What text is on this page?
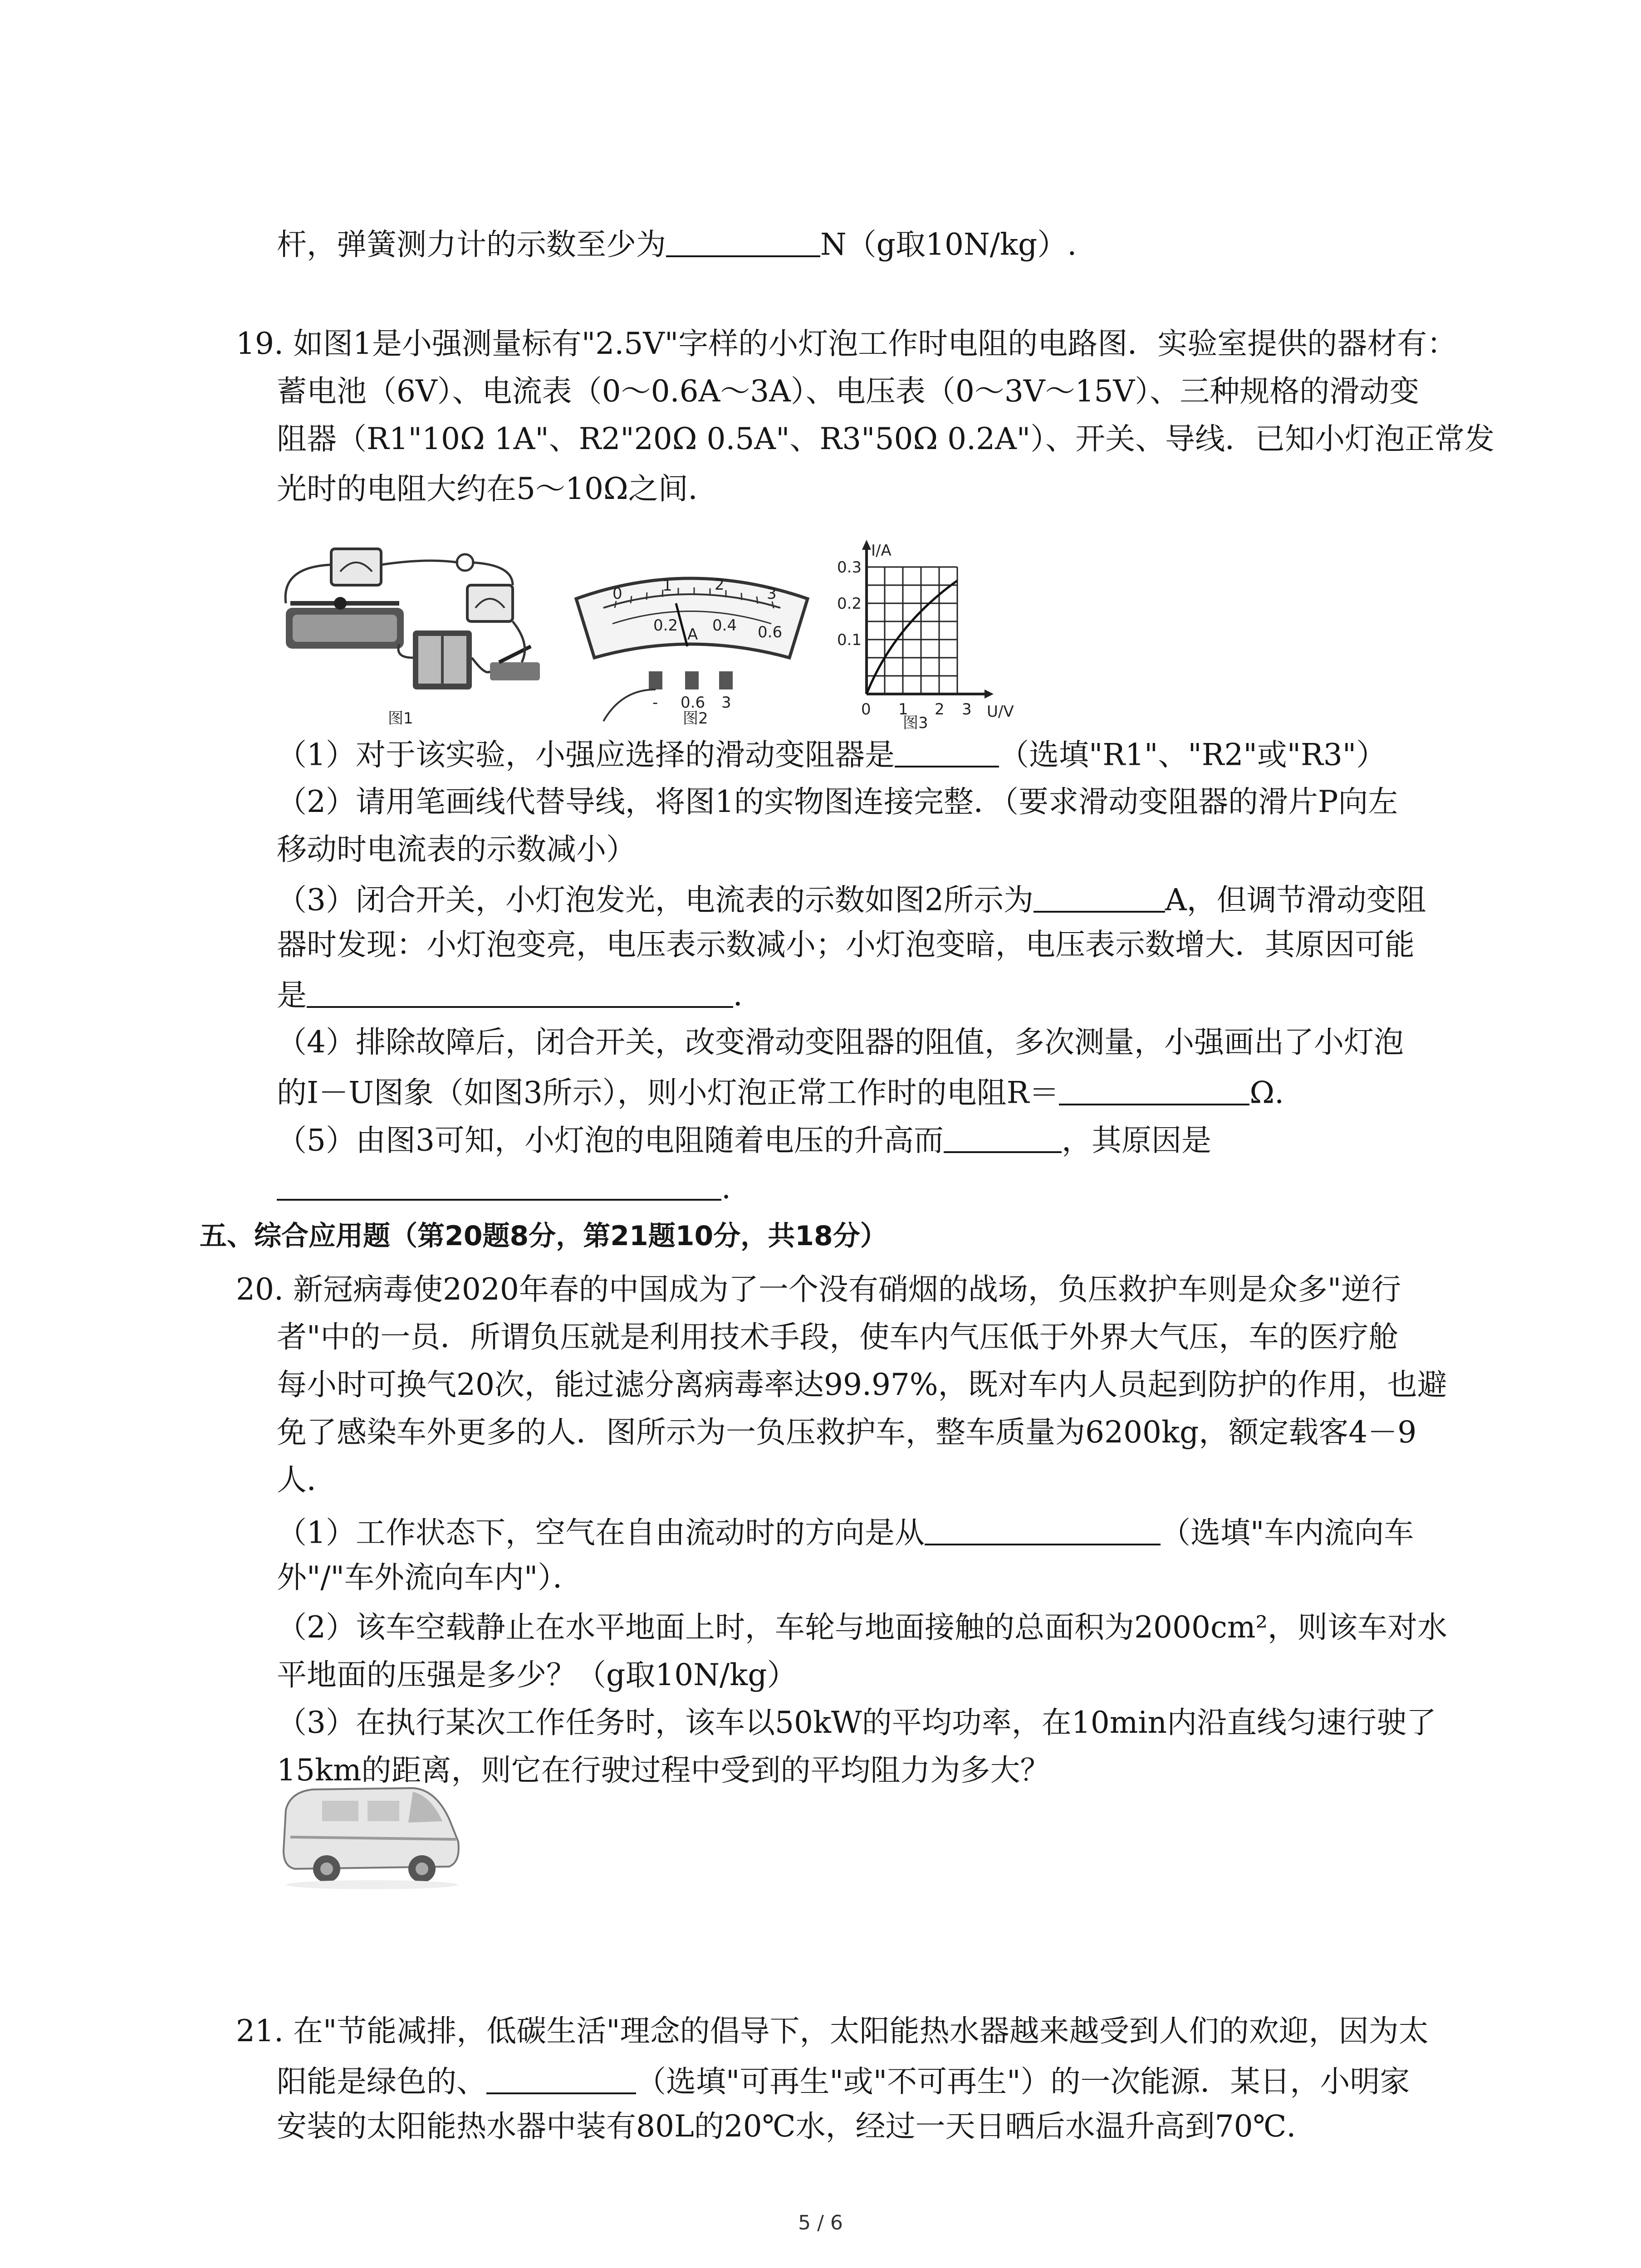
杆，弹簧测力计的示数至少为	N（g取10N/kg）.

19. 如图1是小强测量标有"2.5V"字样的小灯泡工作时电阻的电路图．实验室提供的器材有：

蓄电池（6V）、电流表（0～0.6A～3A）、电压表（0～3V～15V）、三种规格的滑动变

阻器（R1"10Ω 1A"、R2"20Ω 0.5A"、R3"50Ω 0.2A"）、开关、导线．已知小灯泡正常发

光时的电阻大约在5～10Ω之间．

图1
0	1	2	3
0.2 0.4 0.6
A
- 0.6 3
图2
I/A
U/V
0.3
0.2
0.1
0 1 2 3
图3

（1）对于该实验，小强应选择的滑动变阻器是	（选填"R1"、"R2"或"R3"）

（2）请用笔画线代替导线，将图1的实物图连接完整．（要求滑动变阻器的滑片P向左

移动时电流表的示数减小）

（3）闭合开关，小灯泡发光，电流表的示数如图2所示为	A，但调节滑动变阻

器时发现：小灯泡变亮，电压表示数减小；小灯泡变暗，电压表示数增大．其原因可能

是	．

（4）排除故障后，闭合开关，改变滑动变阻器的阻值，多次测量，小强画出了小灯泡

的I－U图象（如图3所示），则小灯泡正常工作时的电阻R＝	Ω.

（5）由图3可知，小灯泡的电阻随着电压的升高而	，其原因是

.

五、综合应用题（第20题8分，第21题10分，共18分）

20. 新冠病毒使2020年春的中国成为了一个没有硝烟的战场，负压救护车则是众多"逆行

者"中的一员．所谓负压就是利用技术手段，使车内气压低于外界大气压，车的医疗舱

每小时可换气20次，能过滤分离病毒率达99.97%，既对车内人员起到防护的作用，也避

免了感染车外更多的人．图所示为一负压救护车，整车质量为6200kg，额定载客4－9

人．

（1）工作状态下，空气在自由流动时的方向是从	（选填"车内流向车

外"/"车外流向车内"）．

（2）该车空载静止在水平地面上时，车轮与地面接触的总面积为2000cm²，则该车对水

平地面的压强是多少？（g取10N/kg）

（3）在执行某次工作任务时，该车以50kW的平均功率，在10min内沿直线匀速行驶了

15km的距离，则它在行驶过程中受到的平均阻力为多大？

21. 在"节能减排，低碳生活"理念的倡导下，太阳能热水器越来越受到人们的欢迎，因为太

阳能是绿色的、	（选填"可再生"或"不可再生"）的一次能源．某日，小明家

安装的太阳能热水器中装有80L的20℃水，经过一天日晒后水温升高到70℃.

5 / 6
